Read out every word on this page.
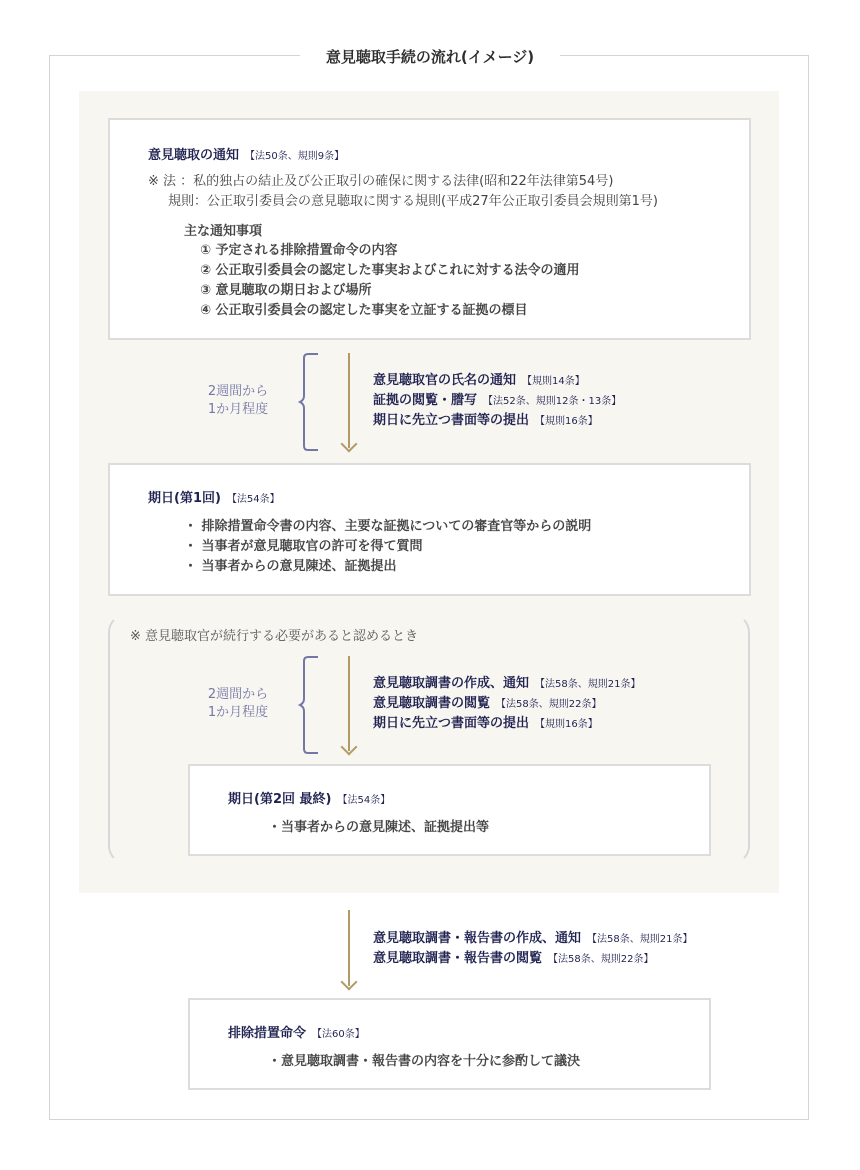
意見聴取手続の流れ(イメージ)
意見聴取の通知 【法50条、規則9条】
※ 法 ：私的独占の結止及び公正取引の確保に関する法律(昭和22年法律第54号)
規則：公正取引委員会の意見聴取に関する規則(平成27年公正取引委員会規則第1号)
主な通知事項
① 予定される排除措置命令の内容
② 公正取引委員会の認定した事実およびこれに対する法令の適用
③ 意見聴取の期日および場所
④ 公正取引委員会の認定した事実を立証する証拠の標目
2週間から
1か月程度
意見聴取官の氏名の通知 【規則14条】
証拠の閲覧・謄写 【法52条、規則12条・13条】
期日に先立つ書面等の提出 【規則16条】
期日(第1回) 【法54条】
・ 排除措置命令書の内容、主要な証拠についての審査官等からの説明
・ 当事者が意見聴取官の許可を得て質問
・ 当事者からの意見陳述、証拠提出
※ 意見聴取官が続行する必要があると認めるとき
2週間から
1か月程度
意見聴取調書の作成、通知 【法58条、規則21条】
意見聴取調書の閲覧 【法58条、規則22条】
期日に先立つ書面等の提出 【規則16条】
期日(第2回 最終) 【法54条】
・当事者からの意見陳述、証拠提出等
意見聴取調書・報告書の作成、通知 【法58条、規則21条】
意見聴取調書・報告書の閲覧 【法58条、規則22条】
排除措置命令 【法60条】
・意見聴取調書・報告書の内容を十分に参酌して議決
